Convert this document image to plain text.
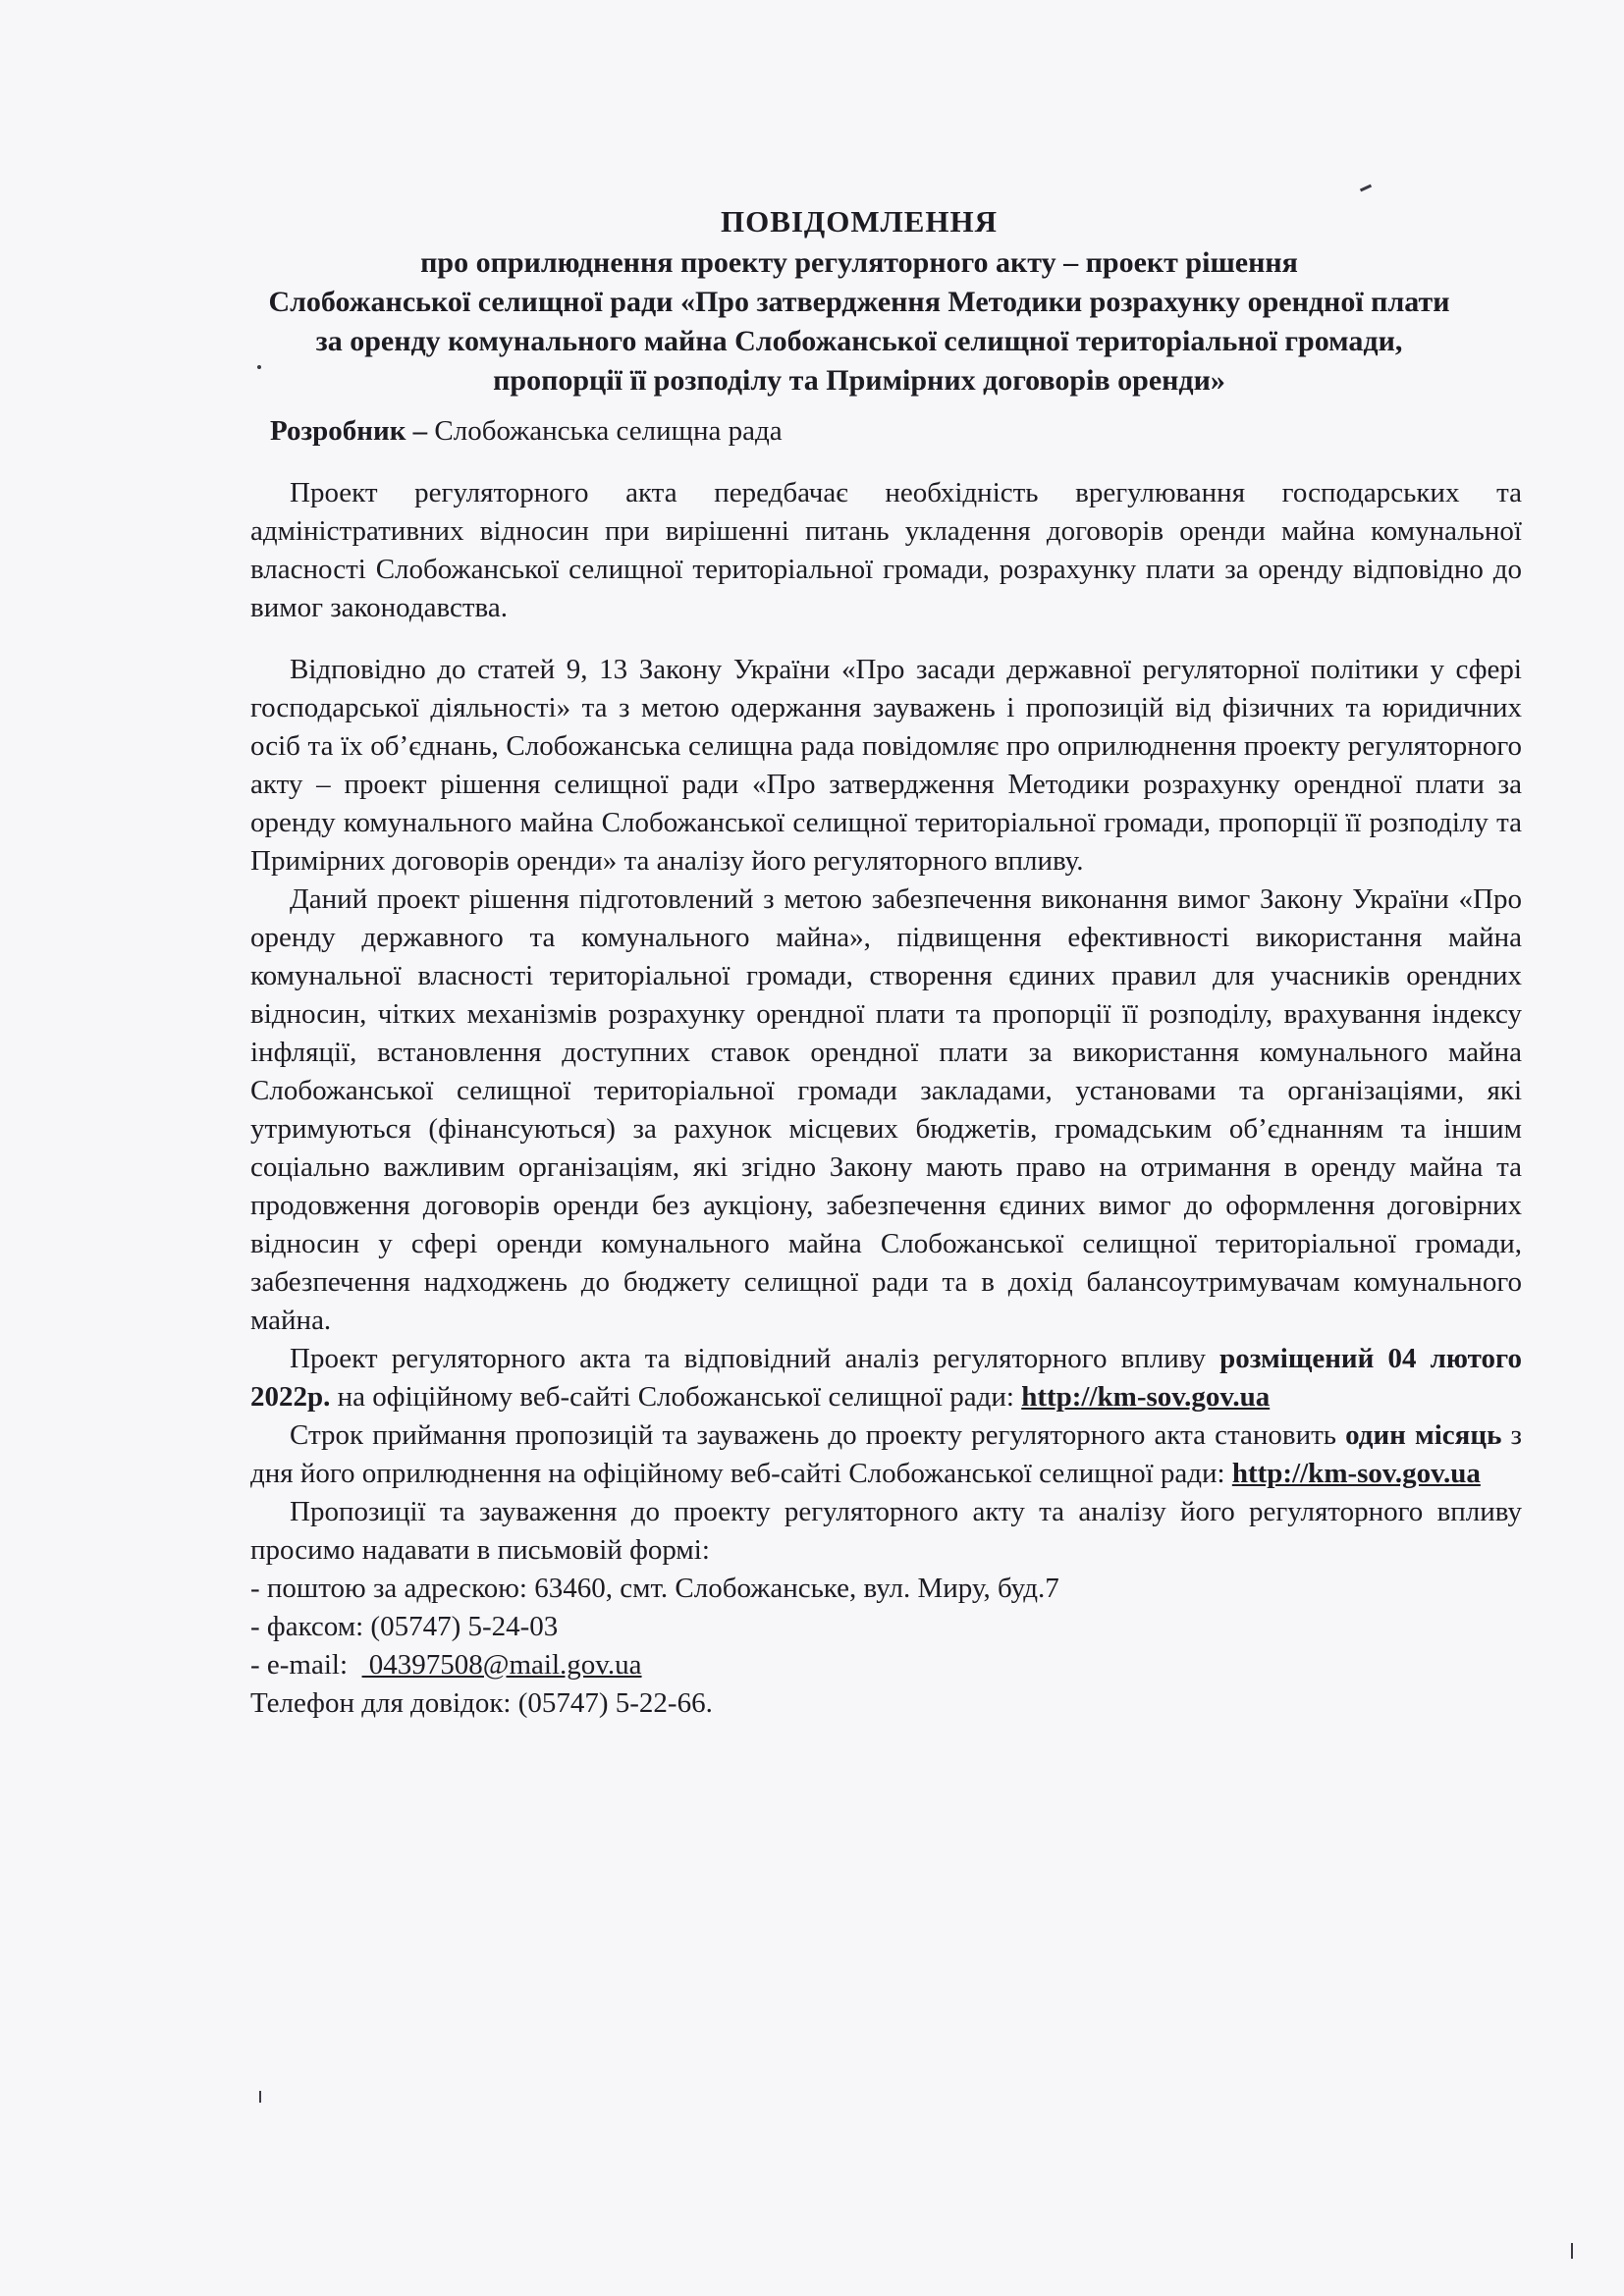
ПОВІДОМЛЕННЯ

про оприлюднення проекту регуляторного акту – проект рішення

Слобожанської селищної ради «Про затвердження Методики розрахунку орендної плати

за оренду комунального майна Слобожанської селищної територіальної громади,

пропорції її розподілу та Примірних договорів оренди»

Розробник – Слобожанська селищна рада

Проект регуляторного акта передбачає необхідність врегулювання господарських та адміністративних відносин при вирішенні питань укладення договорів оренди майна комунальної власності Слобожанської селищної територіальної громади, розрахунку плати за оренду відповідно до вимог законодавства.

Відповідно до статей 9, 13 Закону України «Про засади державної регуляторної політики у сфері господарської діяльності» та з метою одержання зауважень і пропозицій від фізичних та юридичних осіб та їх об’єднань, Слобожанська селищна рада повідомляє про оприлюднення проекту регуляторного акту – проект рішення селищної ради «Про затвердження Методики розрахунку орендної плати за оренду комунального майна Слобожанської селищної територіальної громади, пропорції її розподілу та Примірних договорів оренди» та аналізу його регуляторного впливу.

Даний проект рішення підготовлений з метою забезпечення виконання вимог Закону України «Про оренду державного та комунального майна», підвищення ефективності використання майна комунальної власності територіальної громади, створення єдиних правил для учасників орендних відносин, чітких механізмів розрахунку орендної плати та пропорції її розподілу, врахування індексу інфляції, встановлення доступних ставок орендної плати за використання комунального майна Слобожанської селищної територіальної громади закладами, установами та організаціями, які утримуються (фінансуються) за рахунок місцевих бюджетів, громадським об’єднанням та іншим соціально важливим організаціям, які згідно Закону мають право на отримання в оренду майна та продовження договорів оренди без аукціону, забезпечення єдиних вимог до оформлення договірних відносин у сфері оренди комунального майна Слобожанської селищної територіальної громади, забезпечення надходжень до бюджету селищної ради та в дохід балансоутримувачам комунального майна.

Проект регуляторного акта та відповідний аналіз регуляторного впливу розміщений 04 лютого 2022р. на офіційному веб-сайті Слобожанської селищної ради: http://km-sov.gov.ua

Строк приймання пропозицій та зауважень до проекту регуляторного акта становить один місяць з дня його оприлюднення на офіційному веб-сайті Слобожанської селищної ради: http://km-sov.gov.ua

Пропозиції та зауваження до проекту регуляторного акту та аналізу його регуляторного впливу просимо надавати в письмовій формі:

- поштою за адрескою: 63460, смт. Слобожанське, вул. Миру, буд.7
- факсом: (05747) 5-24-03
- e-mail:   04397508@mail.gov.ua
Телефон для довідок: (05747) 5-22-66.
